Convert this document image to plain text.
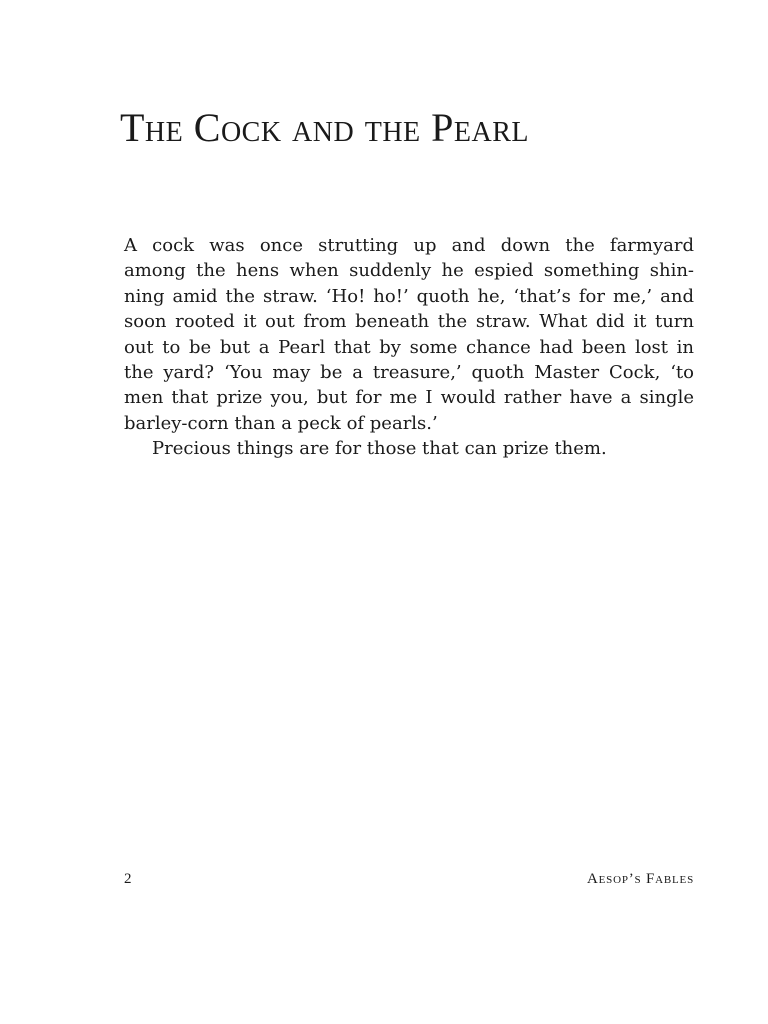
The Cock and the Pearl
A cock was once strutting up and down the farmyard
among the hens when suddenly he espied something shin-
ning amid the straw. ‘Ho! ho!’ quoth he, ‘that’s for me,’ and
soon rooted it out from beneath the straw. What did it turn
out to be but a Pearl that by some chance had been lost in
the yard? ‘You may be a treasure,’ quoth Master Cock, ‘to
men that prize you, but for me I would rather have a single
barley-corn than a peck of pearls.’
Precious things are for those that can prize them.
2	Aesop’s Fables
